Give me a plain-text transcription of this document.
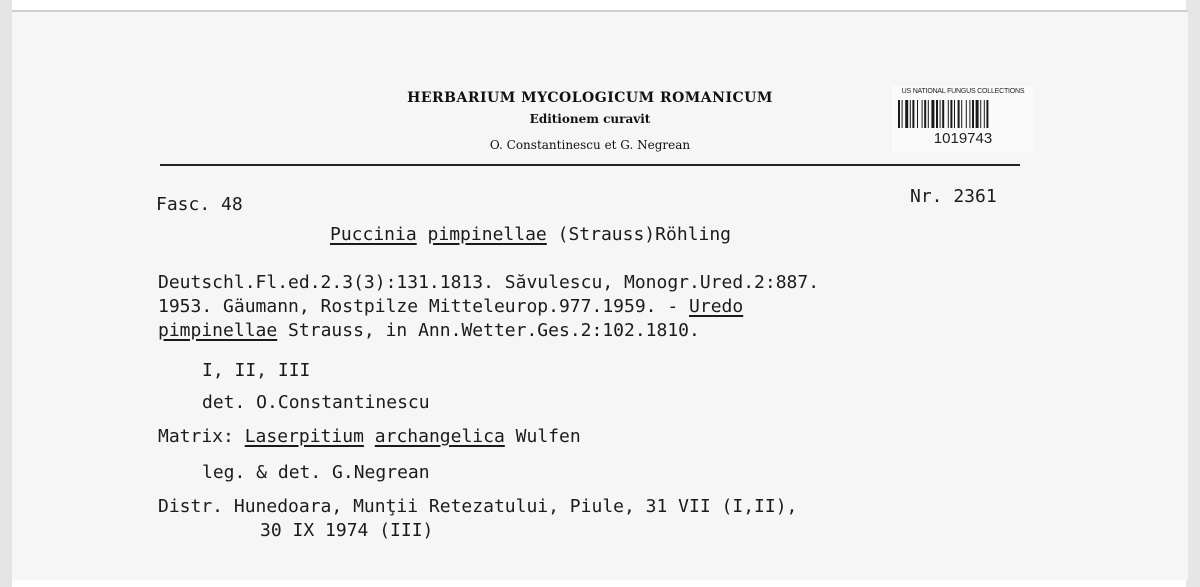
HERBARIUM MYCOLOGICUM ROMANICUM
Editionem curavit
O. Constantinescu et G. Negrean
US NATIONAL FUNGUS COLLECTIONS
1019743
Fasc. 48	Nr. 2361
Puccinia pimpinellae (Strauss)Röhling
Deutschl.Fl.ed.2.3(3):131.1813. Săvulescu, Monogr.Ured.2:887.
1953. Gäumann, Rostpilze Mitteleurop.977.1959. - Uredo
pimpinellae Strauss, in Ann.Wetter.Ges.2:102.1810.
I, II, III
det. O.Constantinescu
Matrix: Laserpitium archangelica Wulfen
leg. & det. G.Negrean
Distr. Hunedoara, Munţii Retezatului, Piule, 31 VII (I,II),
30 IX 1974 (III)
